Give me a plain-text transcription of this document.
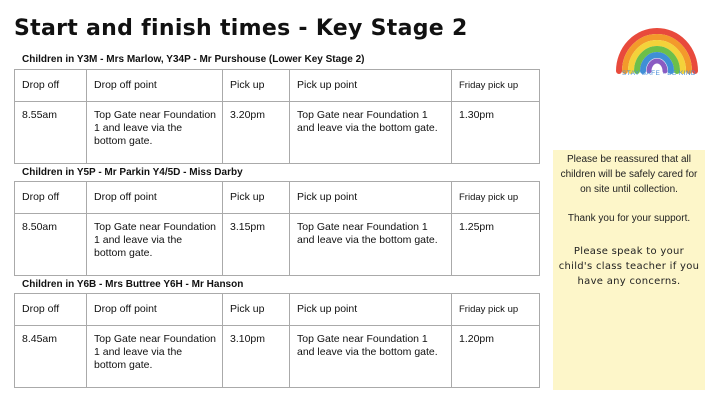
Start and finish times - Key Stage 2
STAY SAFE · BE KIND
Children in Y3M - Mrs Marlow, Y34P - Mr Purshouse (Lower Key Stage 2)
Drop off	Drop off point	Pick up	Pick up point	Friday pick up
8.55am	Top Gate near Foundation 1 and leave via the bottom gate.	3.20pm	Top Gate near Foundation 1 and leave via the bottom gate.	1.30pm
Children in Y5P - Mr Parkin Y4/5D - Miss Darby
Drop off	Drop off point	Pick up	Pick up point	Friday pick up
8.50am	Top Gate near Foundation 1 and leave via the bottom gate.	3.15pm	Top Gate near Foundation 1 and leave via the bottom gate.	1.25pm
Children in Y6B - Mrs Buttree Y6H - Mr Hanson
Drop off	Drop off point	Pick up	Pick up point	Friday pick up
8.45am	Top Gate near Foundation 1 and leave via the bottom gate.	3.10pm	Top Gate near Foundation 1 and leave via the bottom gate.	1.20pm
Please be reassured that all children will be safely cared for on site until collection.
Thank you for your support.
Please speak to your child's class teacher if you have any concerns.
